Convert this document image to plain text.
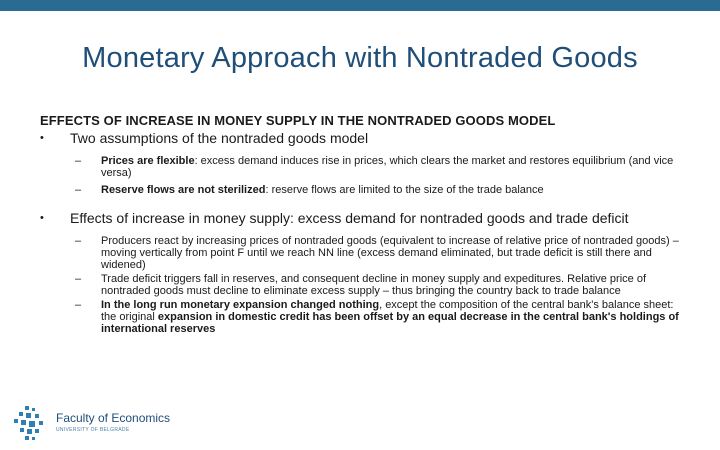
Monetary Approach with Nontraded Goods
EFFECTS OF INCREASE IN MONEY SUPPLY IN THE NONTRADED GOODS MODEL
• Two assumptions of the nontraded goods model
– Prices are flexible: excess demand induces rise in prices, which clears the market and restores equilibrium (and vice versa)
– Reserve flows are not sterilized: reserve flows are limited to the size of the trade balance
• Effects of increase in money supply: excess demand for nontraded goods and trade deficit
– Producers react by increasing prices of nontraded goods (equivalent to increase of relative price of nontraded goods) – moving vertically from point F until we reach NN line (excess demand eliminated, but trade deficit is still there and widened)
– Trade deficit triggers fall in reserves, and consequent decline in money supply and expeditures. Relative price of nontraded goods must decline to eliminate excess supply – thus bringing the country back to trade balance
– In the long run monetary expansion changed nothing, except the composition of the central bank's balance sheet: the original expansion in domestic credit has been offset by an equal decrease in the central bank's holdings of international reserves
Faculty of Economics
UNIVERSITY OF BELGRADE
